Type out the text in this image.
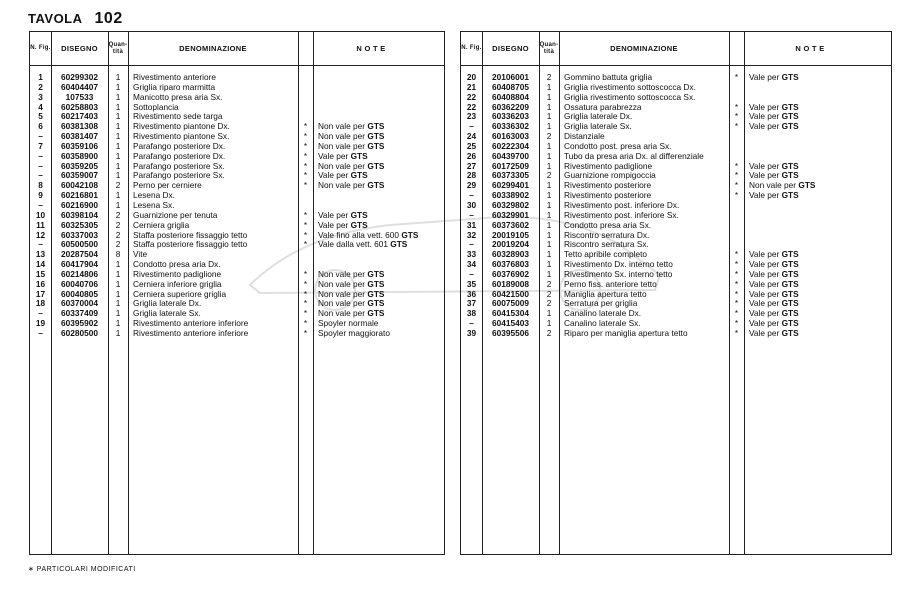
TAVOLA 102
N. Fig.	DISEGNO	Quan-tità	DENOMINAZIONE	N O T E
1	60299302	1	Rivestimento anteriore
2	60404407	1	Griglia riparo marmitta
3	107533	1	Manicotto presa aria Sx.
4	60258803	1	Sottoplancia
5	60217403	1	Rivestimento sede targa
6	60381308	1	Rivestimento piantone Dx.	*	Non vale per GTS
–	60381407	1	Rivestimento piantone Sx.	*	Non vale per GTS
7	60359106	1	Parafango posteriore Dx.	*	Non vale per GTS
–	60358900	1	Parafango posteriore Dx.	*	Vale per GTS
–	60359205	1	Parafango posteriore Sx.	*	Non vale per GTS
–	60359007	1	Parafango posteriore Sx.	*	Vale per GTS
8	60042108	2	Perno per cerniere	*	Non vale per GTS
9	60216801	1	Lesena Dx.
–	60216900	1	Lesena Sx.
10	60398104	2	Guarnizione per tenuta	*	Vale per GTS
11	60325305	2	Cerniera griglia	*	Vale per GTS
12	60337003	2	Staffa posteriore fissaggio tetto	*	Vale fino alla vett. 600 GTS
–	60500500	2	Staffa posteriore fissaggio tetto	*	Vale dalla vett. 601 GTS
13	20287504	8	Vite
14	60417904	1	Condotto presa aria Dx.
15	60214806	1	Rivestimento padiglione	*	Non vale per GTS
16	60040706	1	Cerniera inferiore griglia	*	Non vale per GTS
17	60040805	1	Cerniera superiore griglia	*	Non vale per GTS
18	60370004	1	Griglia laterale Dx.	*	Non vale per GTS
–	60337409	1	Griglia laterale Sx.	*	Non vale per GTS
19	60395902	1	Rivestimento anteriore inferiore	*	Spoyler normale
–	60280500	1	Rivestimento anteriore inferiore	*	Spoyler maggiorato
N. Fig.	DISEGNO	Quan-tità	DENOMINAZIONE	N O T E
20	20106001	2	Gommino battuta griglia	*	Vale per GTS
21	60408705	1	Griglia rivestimento sottoscocca Dx.
22	60408804	1	Griglia rivestimento sottoscocca Sx.
22	60362209	1	Ossatura parabrezza	*	Vale per GTS
23	60336203	1	Griglia laterale Dx.	*	Vale per GTS
–	60336302	1	Griglia laterale Sx.	*	Vale per GTS
24	60163003	2	Distanziale
25	60222304	1	Condotto post. presa aria Sx.
26	60439700	1	Tubo da presa aria Dx. al differenziale
27	60172509	1	Rivestimento padiglione	*	Vale per GTS
28	60373305	2	Guarnizione rompigoccia	*	Vale per GTS
29	60299401	1	Rivestimento posteriore	*	Non vale per GTS
–	60338902	1	Rivestimento posteriore	*	Vale per GTS
30	60329802	1	Rivestimento post. inferiore Dx.
–	60329901	1	Rivestimento post. inferiore Sx.
31	60373602	1	Condotto presa aria Sx.
32	20019105	1	Riscontro serratura Dx.
–	20019204	1	Riscontro serratura Sx.
33	60328903	1	Tetto apribile completo	*	Vale per GTS
34	60376803	1	Rivestimento Dx. interno tetto	*	Vale per GTS
–	60376902	1	Rivestimento Sx. interno tetto	*	Vale per GTS
35	60189008	2	Perno fiss. anteriore tetto	*	Vale per GTS
36	60421500	2	Maniglia apertura tetto	*	Vale per GTS
37	60075009	2	Serratura per griglia	*	Vale per GTS
38	60415304	1	Canalino laterale Dx.	*	Vale per GTS
–	60415403	1	Canalino laterale Sx.	*	Vale per GTS
39	60395506	2	Riparo per maniglia apertura tetto	*	Vale per GTS
∗ PARTICOLARI MODIFICATI
